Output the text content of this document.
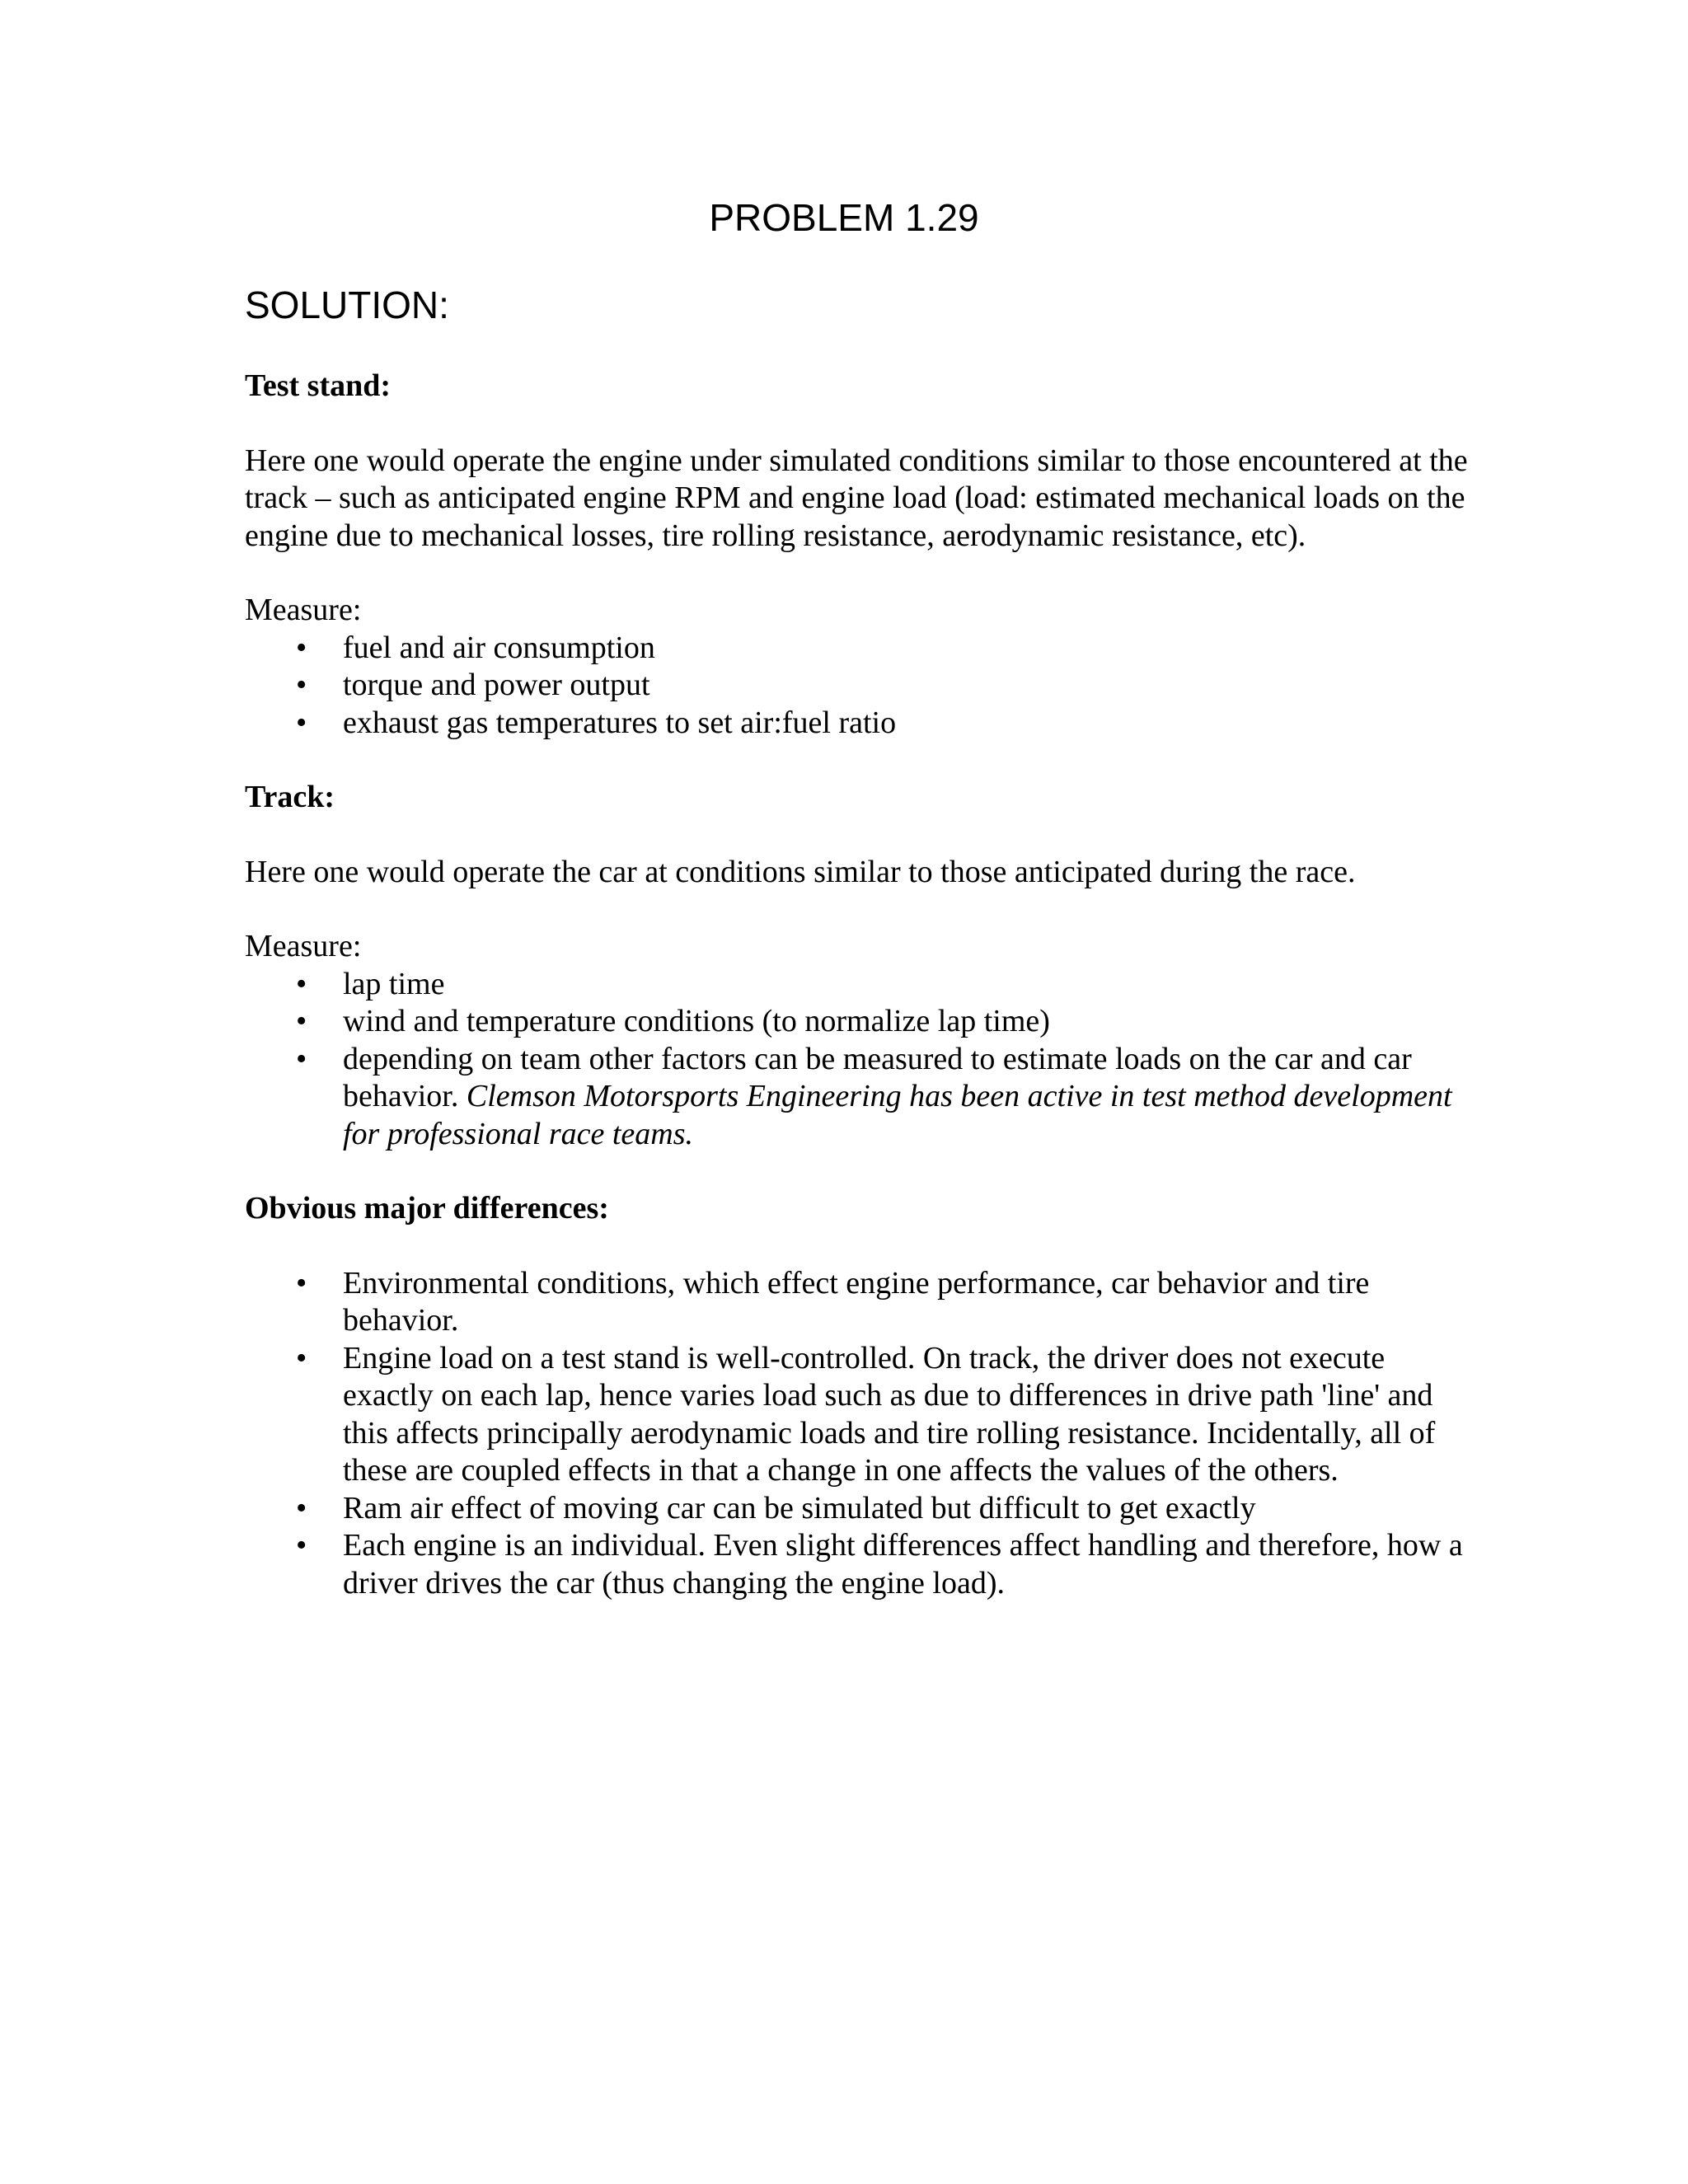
PROBLEM 1.29
SOLUTION:
Test stand:
Here one would operate the engine under simulated conditions similar to those encountered at the track – such as anticipated engine RPM and engine load (load: estimated mechanical loads on the engine due to mechanical losses, tire rolling resistance, aerodynamic resistance, etc).
Measure:
• fuel and air consumption
• torque and power output
• exhaust gas temperatures to set air:fuel ratio
Track:
Here one would operate the car at conditions similar to those anticipated during the race.
Measure:
• lap time
• wind and temperature conditions (to normalize lap time)
• depending on team other factors can be measured to estimate loads on the car and car behavior. Clemson Motorsports Engineering has been active in test method development for professional race teams.
Obvious major differences:
• Environmental conditions, which effect engine performance, car behavior and tire behavior.
• Engine load on a test stand is well-controlled. On track, the driver does not execute exactly on each lap, hence varies load such as due to differences in drive path 'line' and this affects principally aerodynamic loads and tire rolling resistance. Incidentally, all of these are coupled effects in that a change in one affects the values of the others.
• Ram air effect of moving car can be simulated but difficult to get exactly
• Each engine is an individual. Even slight differences affect handling and therefore, how a driver drives the car (thus changing the engine load).
